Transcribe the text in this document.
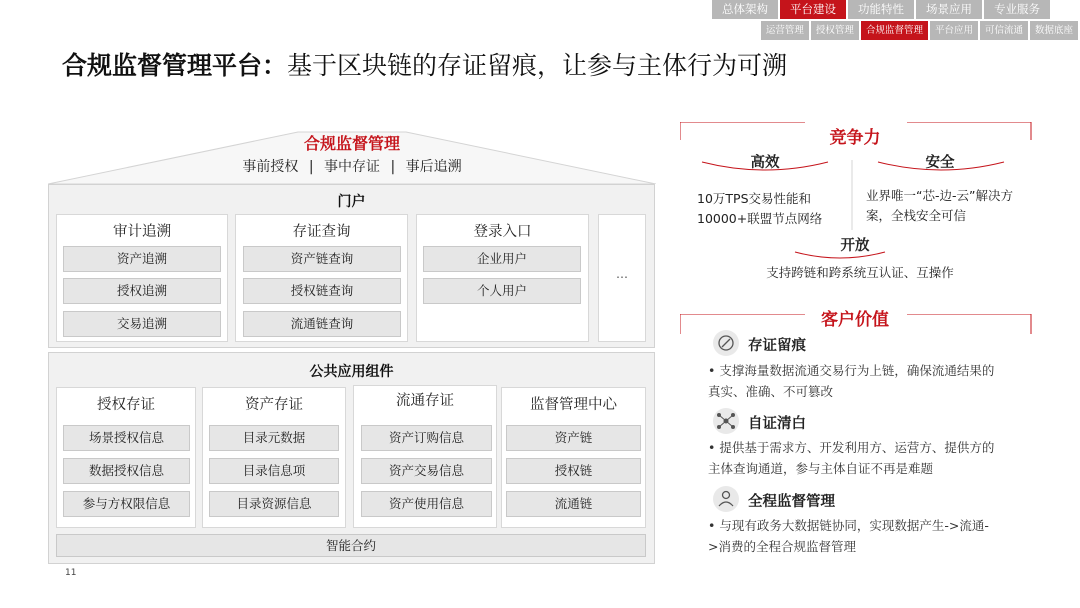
总体架构	平台建设	功能特性	场景应用	专业服务
运营管理	授权管理	合规监督管理	平台应用	可信流通	数据底座
合规监督管理平台：基于区块链的存证留痕，让参与主体行为可溯
合规监督管理
事前授权 | 事中存证 | 事后追溯
门户
审计追溯
资产追溯
授权追溯
交易追溯
存证查询
资产链查询
授权链查询
流通链查询
登录入口
企业用户
个人用户
…
公共应用组件
授权存证
场景授权信息
数据授权信息
参与方权限信息
资产存证
目录元数据
目录信息项
目录资源信息
流通存证
资产订购信息
资产交易信息
资产使用信息
监督管理中心
资产链
授权链
流通链
智能合约
11
竞争力
高效	安全
10万TPS交易性能和10000+联盟节点网络
业界唯一“芯-边-云”解决方案，全栈安全可信
开放
支持跨链和跨系统互认证、互操作
客户价值
存证留痕
• 支撑海量数据流通交易行为上链，确保流通结果的真实、准确、不可篡改
自证清白
• 提供基于需求方、开发利用方、运营方、提供方的主体查询通道，参与主体自证不再是难题
全程监督管理
• 与现有政务大数据链协同，实现数据产生->流通->消费的全程合规监督管理
